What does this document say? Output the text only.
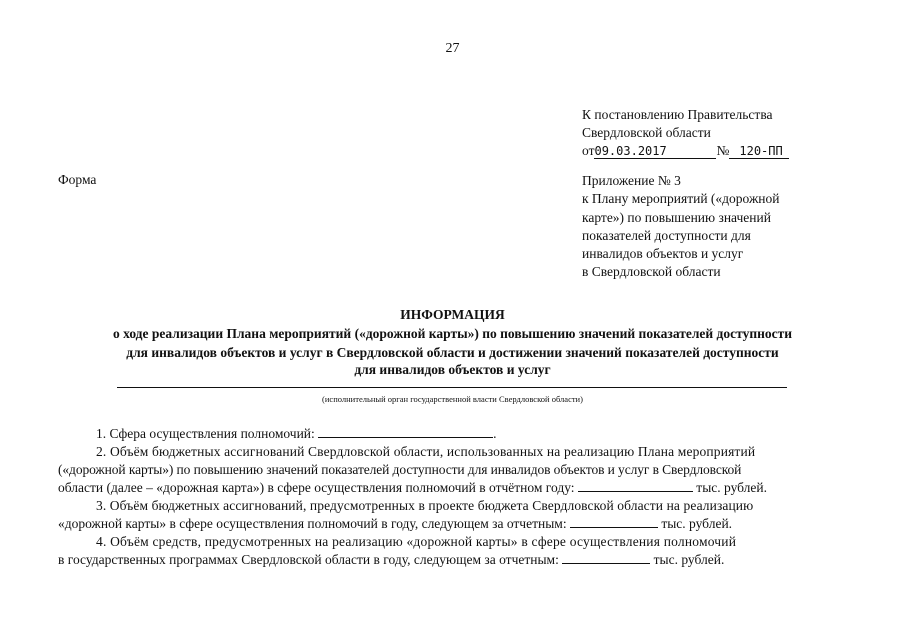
27
К постановлению Правительства
Свердловской области
от09.03.2017	№ 120-ПП
Форма	Приложение № 3
к Плану мероприятий («дорожной
карте») по повышению значений
показателей доступности для
инвалидов объектов и услуг
в Свердловской области
ИНФОРМАЦИЯ
о ходе реализации Плана мероприятий («дорожной карты») по повышению значений показателей доступности
для инвалидов объектов и услуг в Свердловской области и достижении значений показателей доступности
для инвалидов объектов и услуг
(исполнительный орган государственной власти Свердловской области)
1. Сфера осуществления полномочий:	.
2. Объём бюджетных ассигнований Свердловской области, использованных на реализацию Плана мероприятий
(«дорожной карты») по повышению значений показателей доступности для инвалидов объектов и услуг в Свердловской
области (далее – «дорожная карта») в сфере осуществления полномочий в отчётном году:	тыс. рублей.
3. Объём бюджетных ассигнований, предусмотренных в проекте бюджета Свердловской области на реализацию
«дорожной карты» в сфере осуществления полномочий в году, следующем за отчетным:	тыс. рублей.
4. Объём средств, предусмотренных на реализацию «дорожной карты» в сфере осуществления полномочий
в государственных программах Свердловской области в году, следующем за отчетным:	тыс. рублей.
